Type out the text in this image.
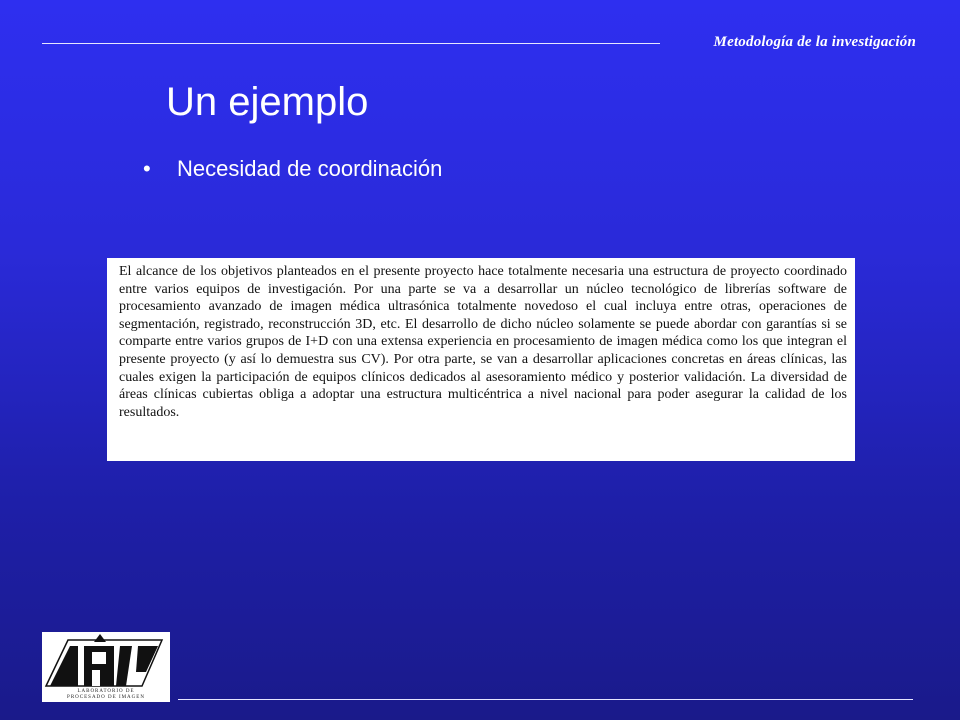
Metodología de la investigación
Un ejemplo
•	Necesidad de coordinación

El alcance de los objetivos planteados en el presente proyecto hace totalmente necesaria una estructura de proyecto coordinado entre varios equipos de investigación. Por una parte se va a desarrollar un núcleo tecnológico de librerías software de procesamiento avanzado de imagen médica ultrasónica totalmente novedoso el cual incluya entre otras, operaciones de segmentación, registrado, reconstrucción 3D, etc. El desarrollo de dicho núcleo solamente se puede abordar con garantías si se comparte entre varios grupos de I+D con una extensa experiencia en procesamiento de imagen médica como los que integran el presente proyecto (y así lo demuestra sus CV). Por otra parte, se van a desarrollar aplicaciones concretas en áreas clínicas, las cuales exigen la participación de equipos clínicos dedicados al asesoramiento médico y posterior validación. La diversidad de áreas clínicas cubiertas obliga a adoptar una estructura multicéntrica a nivel nacional para poder asegurar la calidad de los resultados.

LABORATORIO DE
PROCESADO DE IMAGEN
